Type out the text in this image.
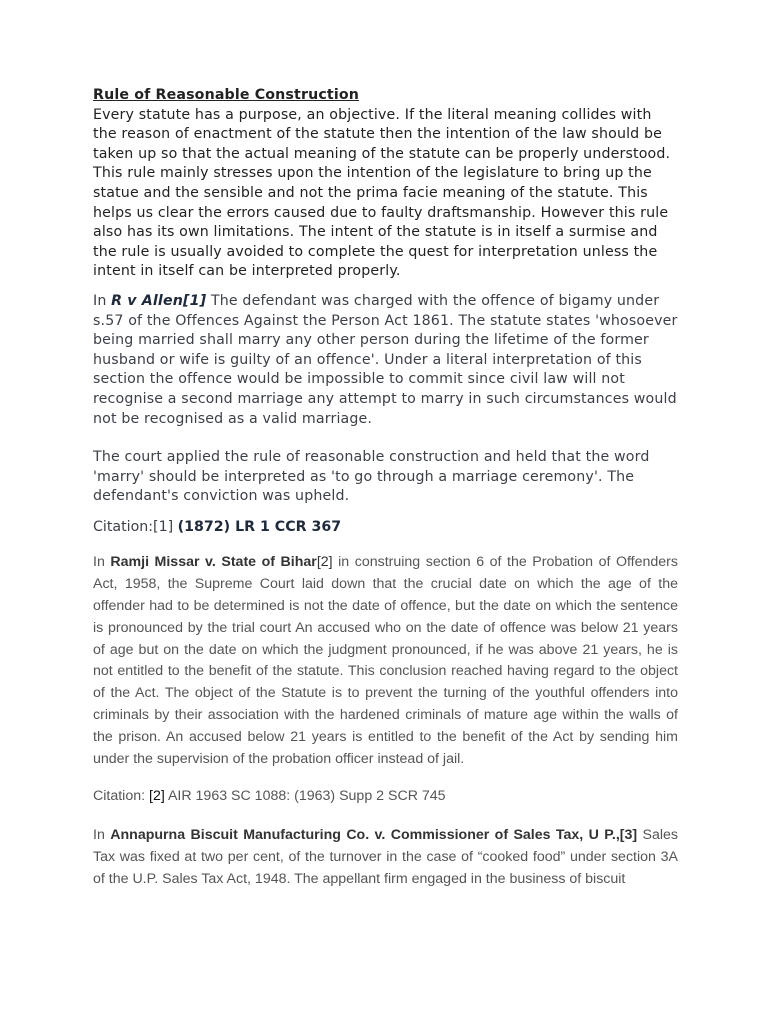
Rule of Reasonable Construction
Every statute has a purpose, an objective. If the literal meaning collides with the reason of enactment of the statute then the intention of the law should be taken up so that the actual meaning of the statute can be properly understood. This rule mainly stresses upon the intention of the legislature to bring up the statue and the sensible and not the prima facie meaning of the statute. This helps us clear the errors caused due to faulty draftsmanship. However this rule also has its own limitations. The intent of the statute is in itself a surmise and the rule is usually avoided to complete the quest for interpretation unless the intent in itself can be interpreted properly.
In R v Allen[1] The defendant was charged with the offence of bigamy under s.57 of the Offences Against the Person Act 1861. The statute states 'whosoever being married shall marry any other person during the lifetime of the former husband or wife is guilty of an offence'. Under a literal interpretation of this section the offence would be impossible to commit since civil law will not recognise a second marriage any attempt to marry in such circumstances would not be recognised as a valid marriage.
The court applied the rule of reasonable construction and held that the word 'marry' should be interpreted as 'to go through a marriage ceremony'. The defendant's conviction was upheld.
Citation:[1] (1872) LR 1 CCR 367
In Ramji Missar v. State of Bihar[2] in construing section 6 of the Probation of Offenders Act, 1958, the Supreme Court laid down that the crucial date on which the age of the offender had to be determined is not the date of offence, but the date on which the sentence is pronounced by the trial court An accused who on the date of offence was below 21 years of age but on the date on which the judgment pronounced, if he was above 21 years, he is not entitled to the benefit of the statute. This conclusion reached having regard to the object of the Act. The object of the Statute is to prevent the turning of the youthful offenders into criminals by their association with the hardened criminals of mature age within the walls of the prison. An accused below 21 years is entitled to the benefit of the Act by sending him under the supervision of the probation officer instead of jail.
Citation: [2] AIR 1963 SC 1088: (1963) Supp 2 SCR 745
In Annapurna Biscuit Manufacturing Co. v. Commissioner of Sales Tax, U P.,[3] Sales Tax was fixed at two per cent, of the turnover in the case of “cooked food” under section 3A of the U.P. Sales Tax Act, 1948. The appellant firm engaged in the business of biscuit
